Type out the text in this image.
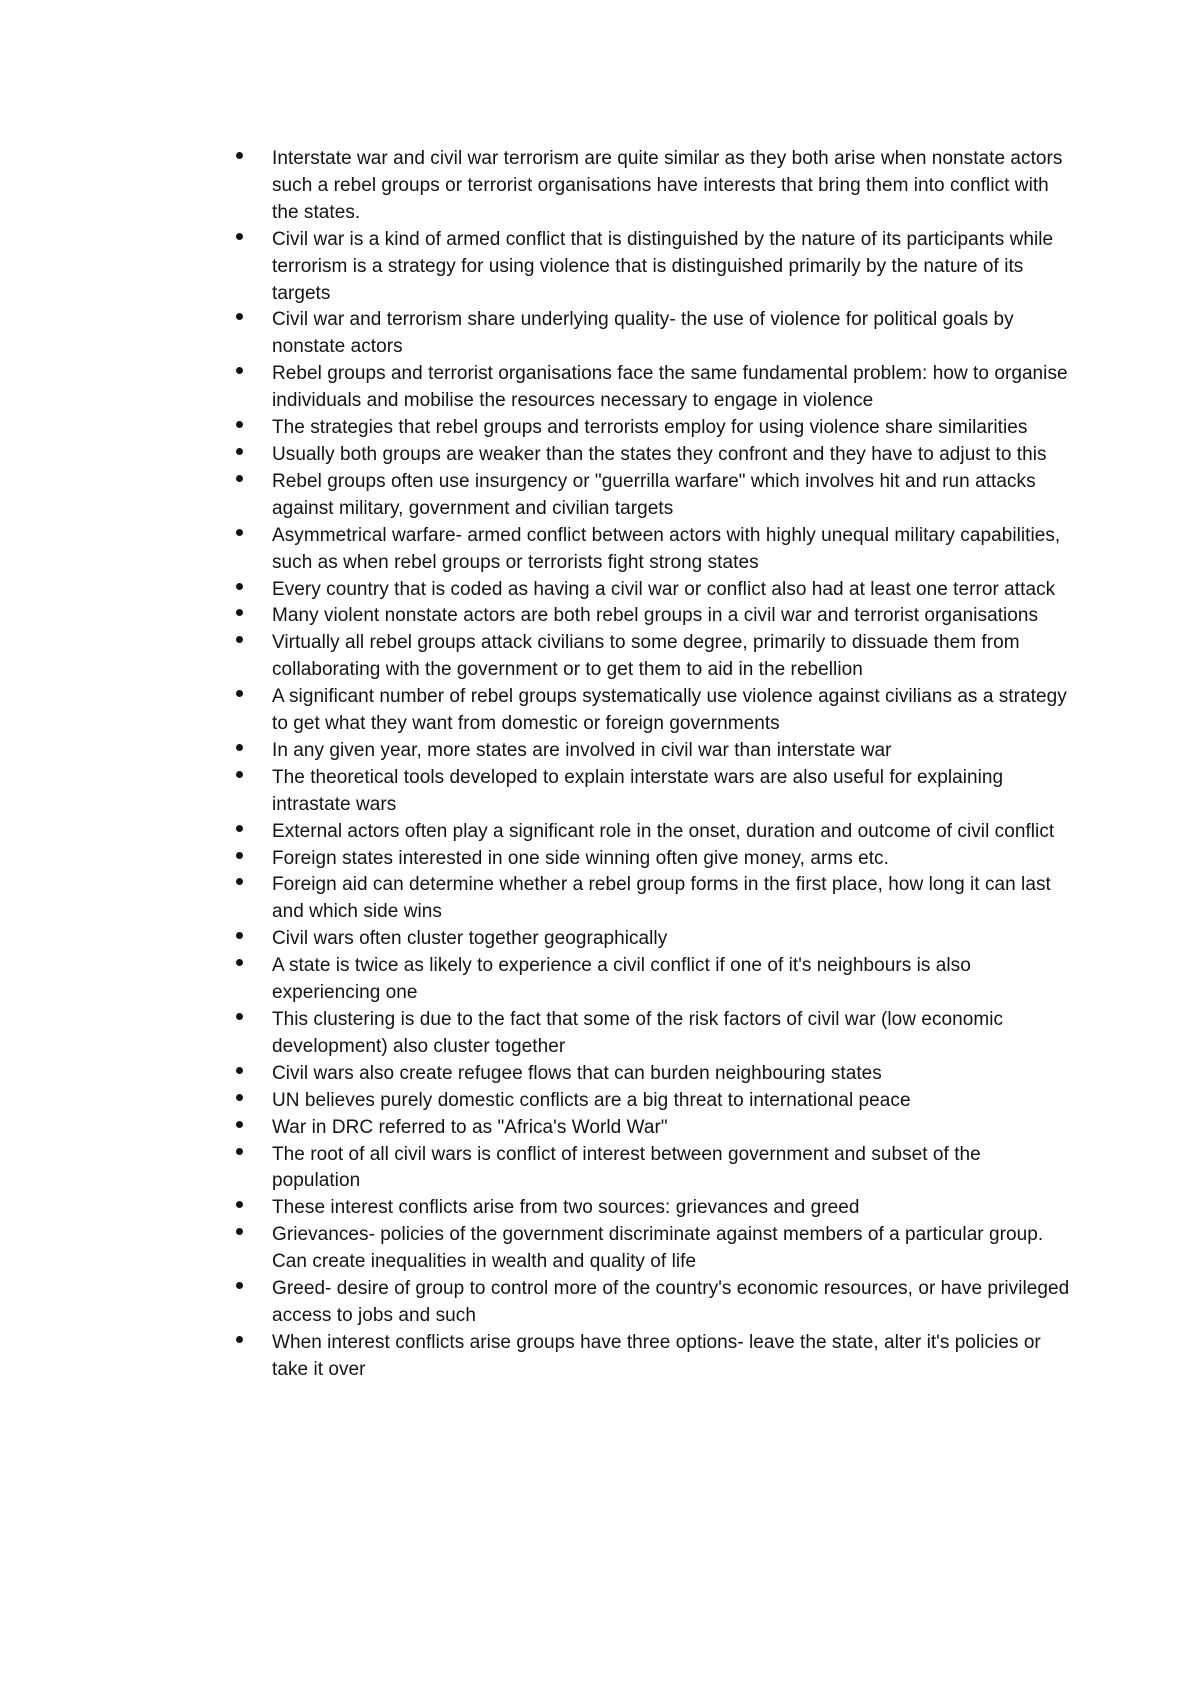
Interstate war and civil war terrorism are quite similar as they both arise when nonstate actors such a rebel groups or terrorist organisations have interests that bring them into conflict with the states.
Civil war is a kind of armed conflict that is distinguished by the nature of its participants while terrorism is a strategy for using violence that is distinguished primarily by the nature of its targets
Civil war and terrorism share underlying quality- the use of violence for political goals by nonstate actors
Rebel groups and terrorist organisations face the same fundamental problem: how to organise individuals and mobilise the resources necessary to engage in violence
The strategies that rebel groups and terrorists employ for using violence share similarities
Usually both groups are weaker than the states they confront and they have to adjust to this
Rebel groups often use insurgency or "guerrilla warfare" which involves hit and run attacks against military, government and civilian targets
Asymmetrical warfare- armed conflict between actors with highly unequal military capabilities, such as when rebel groups or terrorists fight strong states
Every country that is coded as having a civil war or conflict also had at least one terror attack
Many violent nonstate actors are both rebel groups in a civil war and terrorist organisations
Virtually all rebel groups attack civilians to some degree, primarily to dissuade them from collaborating with the government or to get them to aid in the rebellion
A significant number of rebel groups systematically use violence against civilians as a strategy to get what they want from domestic or foreign governments
In any given year, more states are involved in civil war than interstate war
The theoretical tools developed to explain interstate wars are also useful for explaining intrastate wars
External actors often play a significant role in the onset, duration and outcome of civil conflict
Foreign states interested in one side winning often give money, arms etc.
Foreign aid can determine whether a rebel group forms in the first place, how long it can last and which side wins
Civil wars often cluster together geographically
A state is twice as likely to experience a civil conflict if one of it's neighbours is also experiencing one
This clustering is due to the fact that some of the risk factors of civil war (low economic development) also cluster together
Civil wars also create refugee flows that can burden neighbouring states
UN believes purely domestic conflicts are a big threat to international peace
War in DRC referred to as "Africa's World War"
The root of all civil wars is conflict of interest between government and subset of the population
These interest conflicts arise from two sources: grievances and greed
Grievances- policies of the government discriminate against members of a particular group. Can create inequalities in wealth and quality of life
Greed- desire of group to control more of the country's economic resources, or have privileged access to jobs and such
When interest conflicts arise groups have three options- leave the state, alter it's policies or take it over
